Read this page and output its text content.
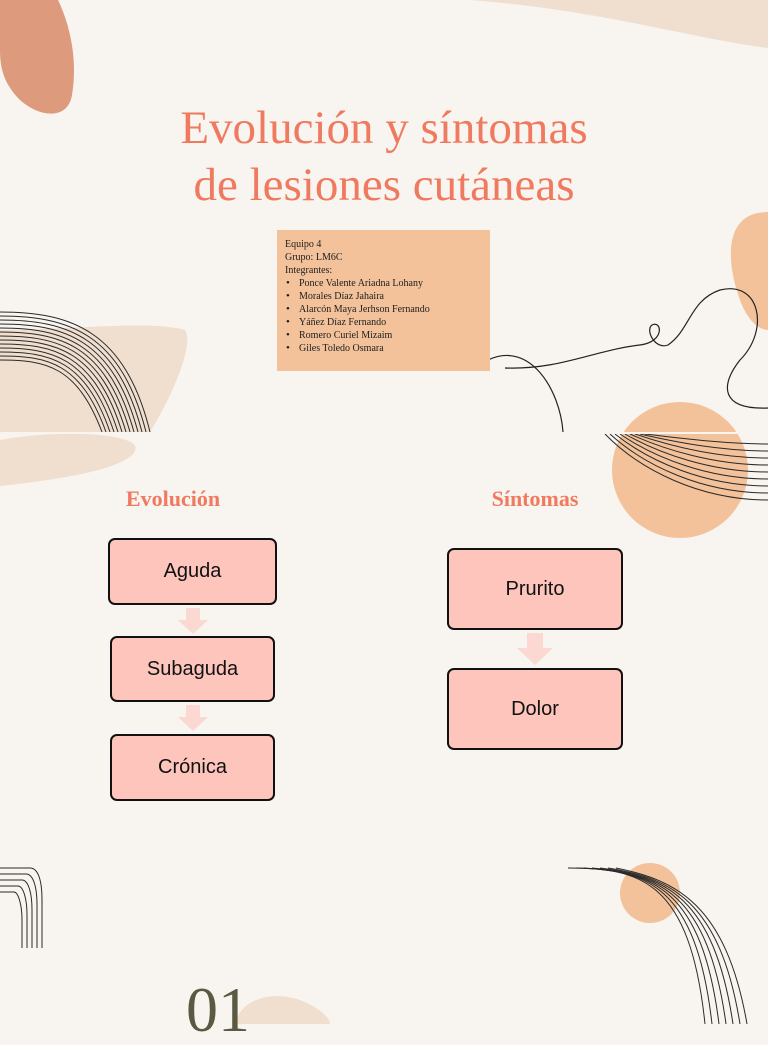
Evolución y síntomas
de lesiones cutáneas
Equipo 4
Grupo: LM6C
Integrantes:
• Ponce Valente Ariadna Lohany
• Morales Díaz Jahaira
• Alarcón Maya Jerhson Fernando
• Yáñez Díaz Fernando
• Romero Curiel Mizaim
• Giles Toledo Osmara
Evolución	Síntomas
Aguda
Subaguda
Crónica
Prurito
Dolor
01
